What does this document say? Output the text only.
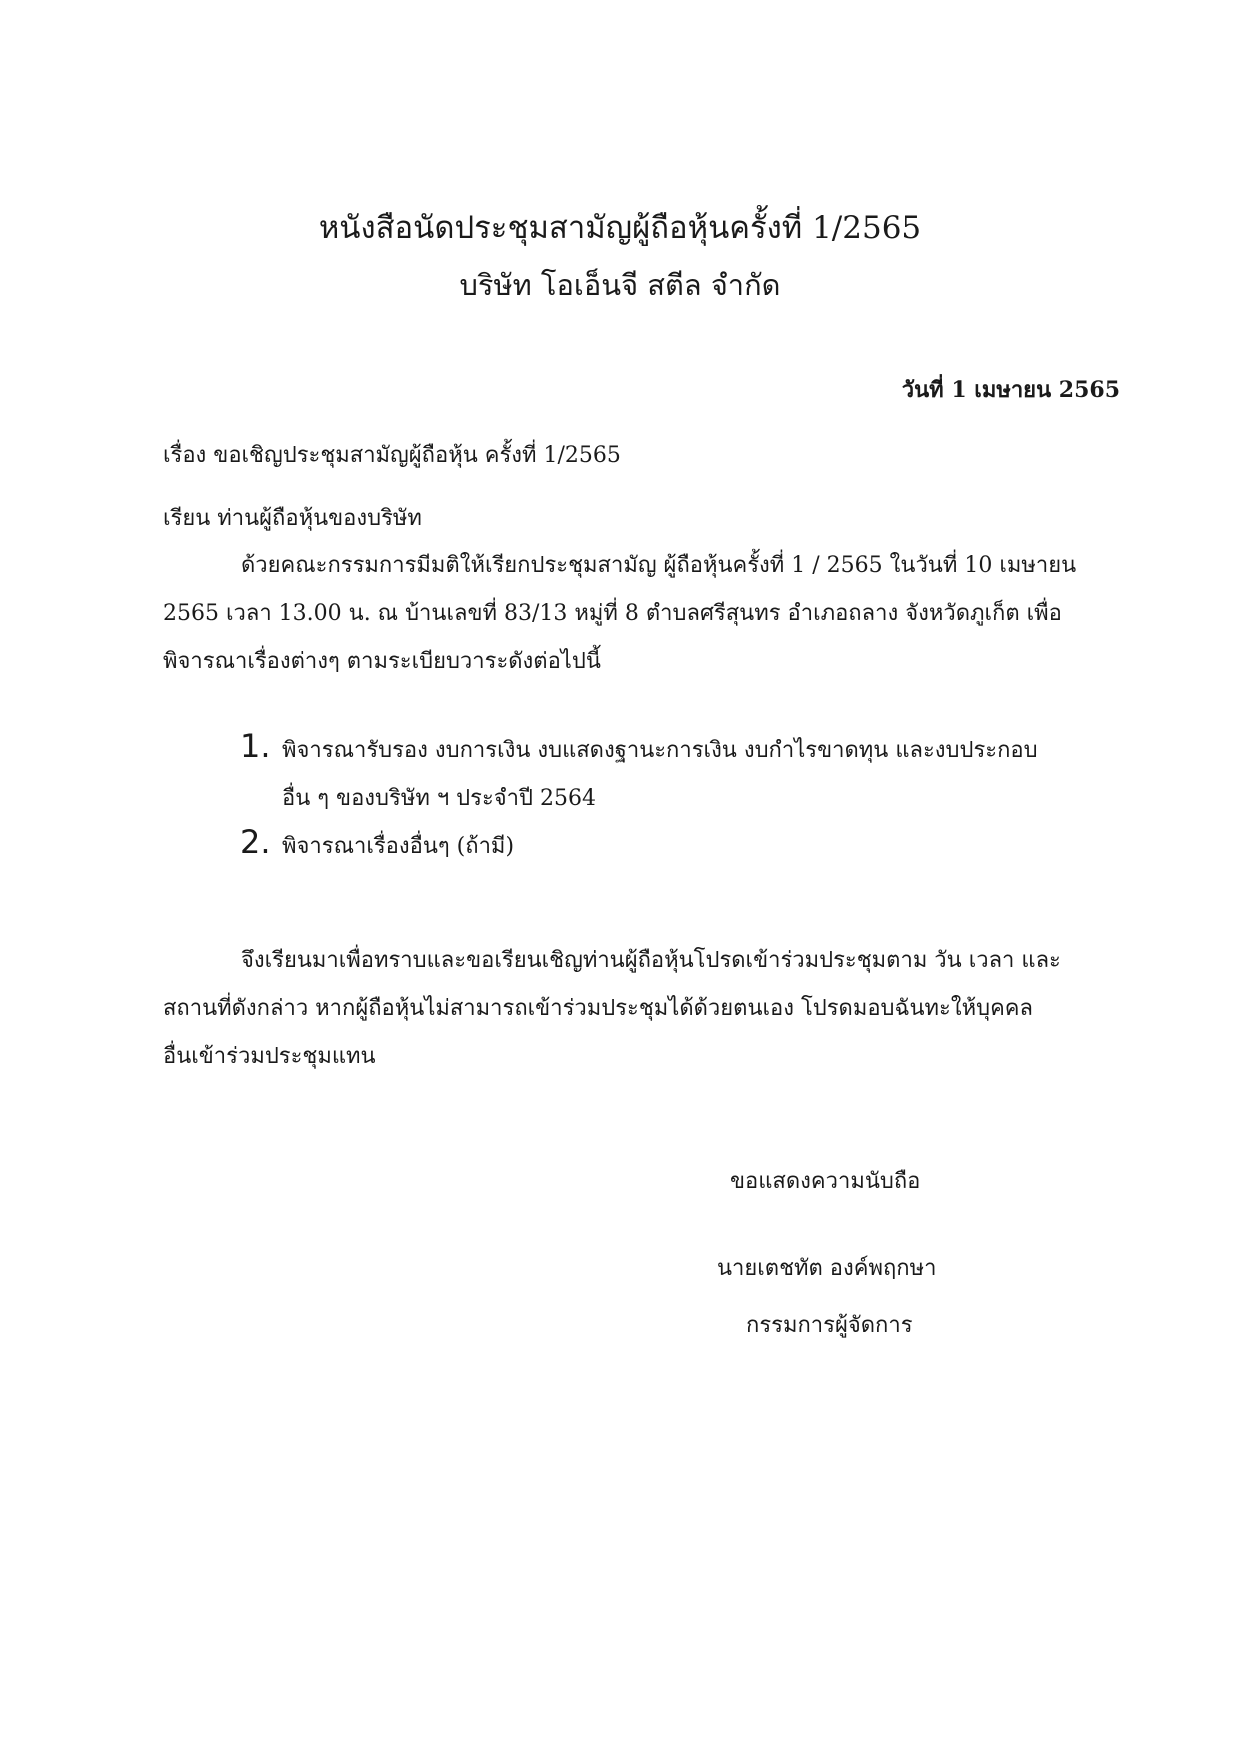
หนังสือนัดประชุมสามัญผู้ถือหุ้นครั้งที่ 1/2565
บริษัท โอเอ็นจี สตีล จำกัด
วันที่ 1 เมษายน 2565
เรื่อง ขอเชิญประชุมสามัญผู้ถือหุ้น ครั้งที่ 1/2565
เรียน ท่านผู้ถือหุ้นของบริษัท
ด้วยคณะกรรมการมีมติให้เรียกประชุมสามัญ ผู้ถือหุ้นครั้งที่ 1 / 2565 ในวันที่ 10 เมษายน
2565 เวลา 13.00 น. ณ บ้านเลขที่ 83/13 หมู่ที่ 8 ตำบลศรีสุนทร อำเภอถลาง จังหวัดภูเก็ต เพื่อ
พิจารณาเรื่องต่างๆ ตามระเบียบวาระดังต่อไปนี้
1. พิจารณารับรอง งบการเงิน งบแสดงฐานะการเงิน งบกำไรขาดทุน และงบประกอบ
อื่น ๆ ของบริษัท ฯ ประจำปี 2564
2. พิจารณาเรื่องอื่นๆ (ถ้ามี)
จึงเรียนมาเพื่อทราบและขอเรียนเชิญท่านผู้ถือหุ้นโปรดเข้าร่วมประชุมตาม วัน เวลา และ
สถานที่ดังกล่าว หากผู้ถือหุ้นไม่สามารถเข้าร่วมประชุมได้ด้วยตนเอง โปรดมอบฉันทะให้บุคคล
อื่นเข้าร่วมประชุมแทน
ขอแสดงความนับถือ
นายเตชทัต องค์พฤกษา
กรรมการผู้จัดการ
